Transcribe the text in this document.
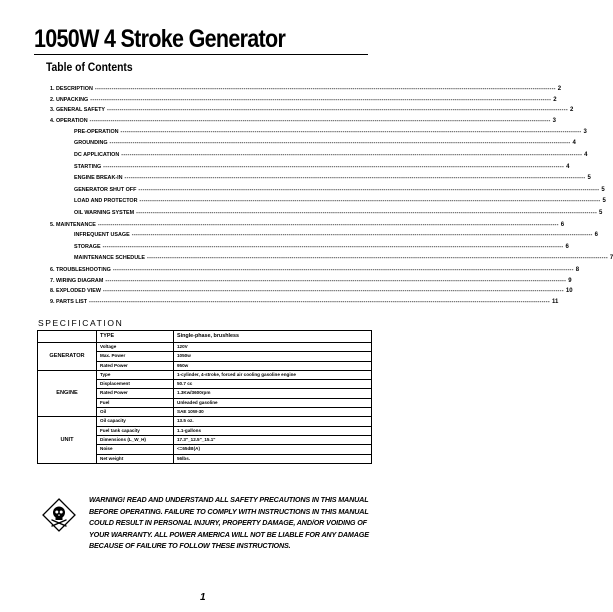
1050W 4 Stroke Generator
Table of Contents
1. DESCRIPTION ---------------------------------------------------------------------------------------------------------------------------------------------------------------------------------------------------------------------------- 2
2. UNPACKING ---------------------------------------------------------------------------------------------------------------------------------------------------------------------------------------------------------------------------- 2
3. GENERAL SAFETY ---------------------------------------------------------------------------------------------------------------------------------------------------------------------------------------------------------------------------- 2
4. OPERATION ---------------------------------------------------------------------------------------------------------------------------------------------------------------------------------------------------------------------------- 3
PRE-OPERATION ---------------------------------------------------------------------------------------------------------------------------------------------------------------------------------------------------------------------------- 3
GROUNDING ---------------------------------------------------------------------------------------------------------------------------------------------------------------------------------------------------------------------------- 4
DC APPLICATION ---------------------------------------------------------------------------------------------------------------------------------------------------------------------------------------------------------------------------- 4
STARTING ---------------------------------------------------------------------------------------------------------------------------------------------------------------------------------------------------------------------------- 4
ENGINE BREAK-IN ---------------------------------------------------------------------------------------------------------------------------------------------------------------------------------------------------------------------------- 5
GENERATOR SHUT OFF ---------------------------------------------------------------------------------------------------------------------------------------------------------------------------------------------------------------------------- 5
LOAD AND PROTECTOR ---------------------------------------------------------------------------------------------------------------------------------------------------------------------------------------------------------------------------- 5
OIL WARNING SYSTEM ---------------------------------------------------------------------------------------------------------------------------------------------------------------------------------------------------------------------------- 5
5. MAINTENANCE ---------------------------------------------------------------------------------------------------------------------------------------------------------------------------------------------------------------------------- 6
INFREQUENT USAGE ---------------------------------------------------------------------------------------------------------------------------------------------------------------------------------------------------------------------------- 6
STORAGE ---------------------------------------------------------------------------------------------------------------------------------------------------------------------------------------------------------------------------- 6
MAINTENANCE SCHEDULE ---------------------------------------------------------------------------------------------------------------------------------------------------------------------------------------------------------------------------- 7
6. TROUBLESHOOTING ---------------------------------------------------------------------------------------------------------------------------------------------------------------------------------------------------------------------------- 8
7. WIRING DIAGRAM ---------------------------------------------------------------------------------------------------------------------------------------------------------------------------------------------------------------------------- 9
8. EXPLODED VIEW ---------------------------------------------------------------------------------------------------------------------------------------------------------------------------------------------------------------------------- 10
9. PARTS LIST ---------------------------------------------------------------------------------------------------------------------------------------------------------------------------------------------------------------------------- 11
SPECIFICATION
	TYPE	Single-phase, brushless
GENERATOR	Voltage	120V
	Max. Power	1050w
	Rated Power	950w
ENGINE	Type	1-cylinder, 4-stroke, forced air cooling gasoline engine
	Displacement	50.7 cc
	Rated Power	1.3Kw/3600rpm
	Fuel	Unleaded gasoline
	Oil	SAE 10W-30
UNIT	Oil capacity	13.5 oz.
	Fuel tank capacity	1.1-gallons
	Dimensions (L_W_H)	17.3"_12.5"_15.1"
	Noise	<=65dB(A)
	Net weight	56lbs.

WARNING! READ AND UNDERSTAND ALL SAFETY PRECAUTIONS IN THIS MANUAL BEFORE OPERATING. FAILURE TO COMPLY WITH INSTRUCTIONS IN THIS MANUAL COULD RESULT IN PERSONAL INJURY, PROPERTY DAMAGE, AND/OR VOIDING OF YOUR WARRANTY. ALL POWER AMERICA WILL NOT BE LIABLE FOR ANY DAMAGE BECAUSE OF FAILURE TO FOLLOW THESE INSTRUCTIONS.

1
